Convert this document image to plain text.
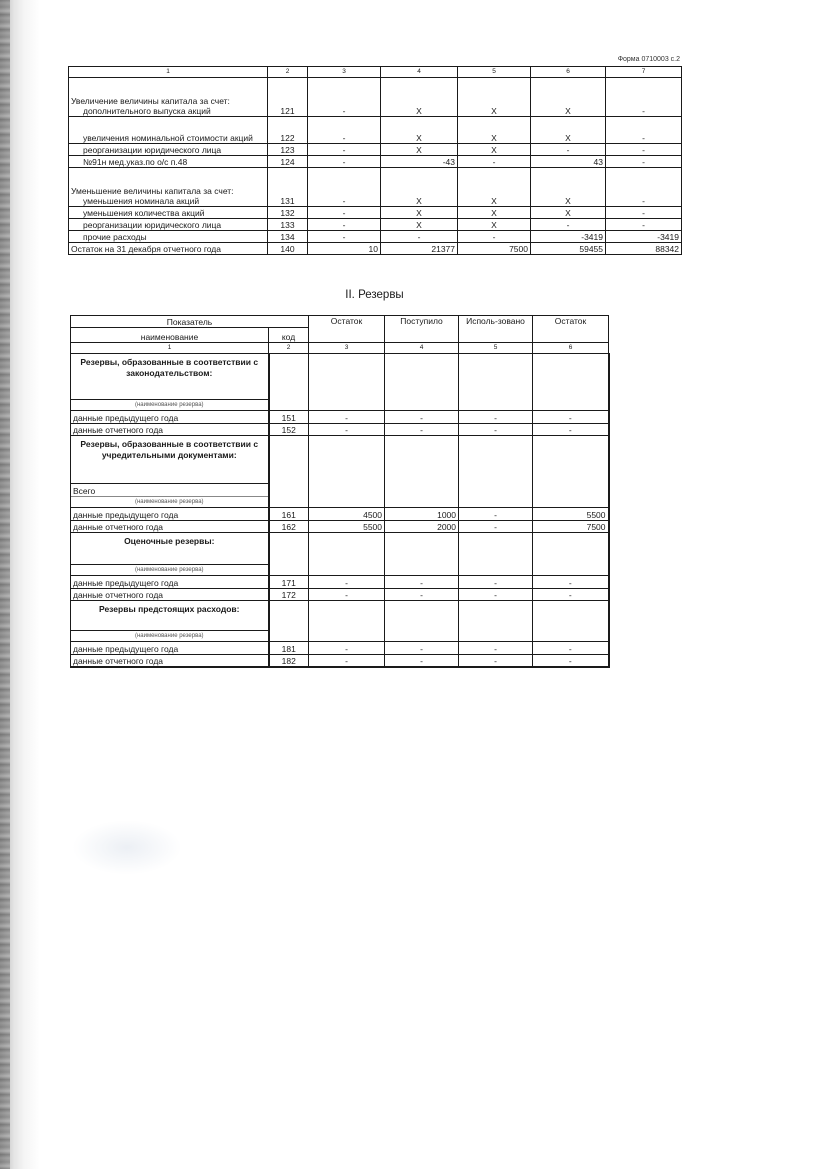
Форма 0710003 с.2
1	2	3	4	5	6	7

Увеличение величины капитала за счет:
дополнительного выпуска акций	121	-	X	X	X	-
увеличения номинальной стоимости акций	122	-	X	X	X	-
реорганизации юридического лица	123	-	X	X	-	-
№91н мед.указ.по о/с п.48	124	-	-43	-	43	-

Уменьшение величины капитала за счет:
уменьшения номинала акций	131	-	X	X	X	-
уменьшения количества акций	132	-	X	X	X	-
реорганизации юридического лица	133	-	X	X	-	-
прочие расходы	134	-	-	-	-3419	-3419
Остаток на 31 декабря отчетного года	140	10	21377	7500	59455	88342
II. Резервы
Показатель		Остаток	Поступило	Исполь-зовано	Остаток
наименование	код				
1	2	3	4	5	6
Резервы, образованные в соответствии с законодательством:					
(наименование резерва)					
данные предыдущего года	151	-	-	-	-
данные отчетного года	152	-	-	-	-
Резервы, образованные в соответствии с учредительными документами:					
Всего					
(наименование резерва)					
данные предыдущего года	161	4500	1000	-	5500
данные отчетного года	162	5500	2000	-	7500
Оценочные резервы:					
(наименование резерва)					
данные предыдущего года	171	-	-	-	-
данные отчетного года	172	-	-	-	-
Резервы предстоящих расходов:					
(наименование резерва)					
данные предыдущего года	181	-	-	-	-
данные отчетного года	182	-	-	-	-
